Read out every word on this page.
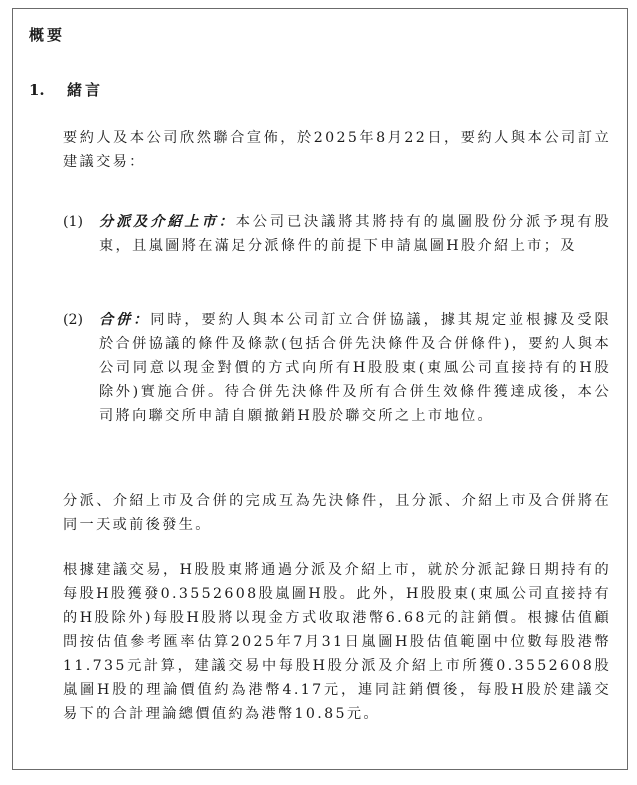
概要
1. 緒言

要約人及本公司欣然聯合宣佈，於2025年8月22日，要約人與本公司訂立建議交易：

(1) 分派及介紹上市：本公司已決議將其將持有的嵐圖股份分派予現有股東，且嵐圖將在滿足分派條件的前提下申請嵐圖H股介紹上市；及
(2) 合併：同時，要約人與本公司訂立合併協議，據其規定並根據及受限於合併協議的條件及條款(包括合併先決條件及合併條件)，要約人與本公司同意以現金對價的方式向所有H股股東(東風公司直接持有的H股除外)實施合併。待合併先決條件及所有合併生效條件獲達成後，本公司將向聯交所申請自願撤銷H股於聯交所之上市地位。

分派、介紹上市及合併的完成互為先決條件，且分派、介紹上市及合併將在同一天或前後發生。

根據建議交易，H股股東將通過分派及介紹上市，就於分派記錄日期持有的每股H股獲發0.3552608股嵐圖H股。此外，H股股東(東風公司直接持有的H股除外)每股H股將以現金方式收取港幣6.68元的註銷價。根據估值顧問按估值參考匯率估算2025年7月31日嵐圖H股估值範圍中位數每股港幣11.735元計算，建議交易中每股H股分派及介紹上市所獲0.3552608股嵐圖H股的理論價值約為港幣4.17元，連同註銷價後，每股H股於建議交易下的合計理論總價值約為港幣10.85元。
